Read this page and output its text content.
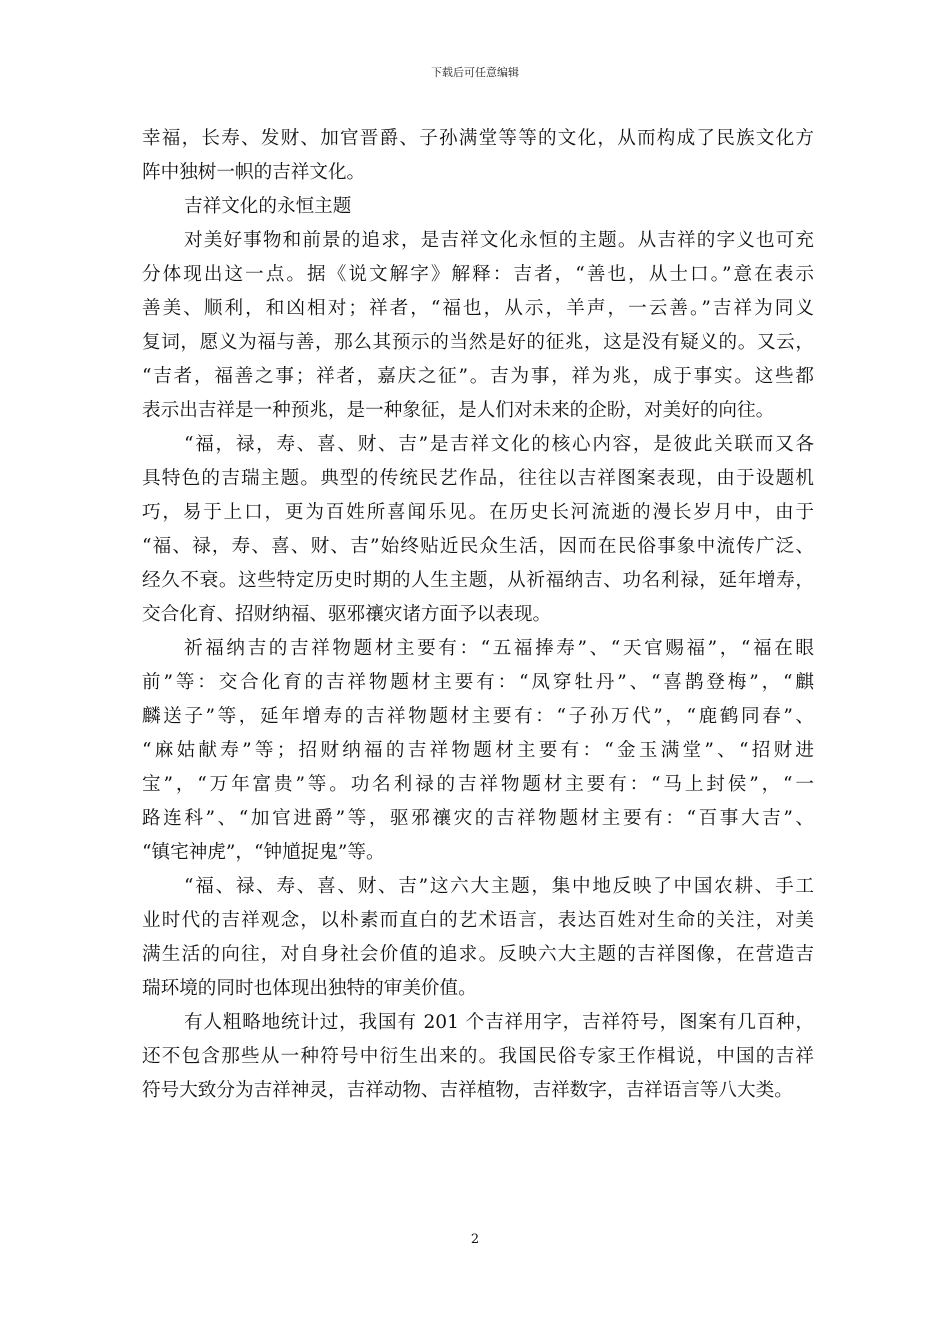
下载后可任意编辑
幸福，长寿、发财、加官晋爵、子孙满堂等等的文化，从而构成了民族文化方
阵中独树一帜的吉祥文化。
吉祥文化的永恒主题
对美好事物和前景的追求，是吉祥文化永恒的主题。从吉祥的字义也可充
分体现出这一点。据《说文解字》解释：吉者，“善也，从士口。”意在表示
善美、顺利，和凶相对；祥者，“福也，从示，羊声，一云善。”吉祥为同义
复词，愿义为福与善，那么其预示的当然是好的征兆，这是没有疑义的。又云，
“吉者，福善之事；祥者，嘉庆之征”。吉为事，祥为兆，成于事实。这些都
表示出吉祥是一种预兆，是一种象征，是人们对未来的企盼，对美好的向往。
“福，禄，寿、喜、财、吉”是吉祥文化的核心内容，是彼此关联而又各
具特色的吉瑞主题。典型的传统民艺作品，往往以吉祥图案表现，由于设题机
巧，易于上口，更为百姓所喜闻乐见。在历史长河流逝的漫长岁月中，由于
“福、禄，寿、喜、财、吉”始终贴近民众生活，因而在民俗事象中流传广泛、
经久不衰。这些特定历史时期的人生主题，从祈福纳吉、功名利禄，延年增寿，
交合化育、招财纳福、驱邪禳灾诸方面予以表现。
祈福纳吉的吉祥物题材主要有：“五福捧寿”、“天官赐福”，“福在眼
前”等：交合化育的吉祥物题材主要有：“凤穿牡丹”、“喜鹊登梅”，“麒
麟送子”等，延年增寿的吉祥物题材主要有：“子孙万代”，“鹿鹤同春”、
“麻姑献寿”等；招财纳福的吉祥物题材主要有：“金玉满堂”、“招财进
宝”，“万年富贵”等。功名利禄的吉祥物题材主要有：“马上封侯”，“一
路连科”、“加官进爵”等，驱邪禳灾的吉祥物题材主要有：“百事大吉”、
“镇宅神虎”，“钟馗捉鬼”等。
“福、禄、寿、喜、财、吉”这六大主题，集中地反映了中国农耕、手工
业时代的吉祥观念，以朴素而直白的艺术语言，表达百姓对生命的关注，对美
满生活的向往，对自身社会价值的追求。反映六大主题的吉祥图像，在营造吉
瑞环境的同时也体现出独特的审美价值。
有人粗略地统计过，我国有 201 个吉祥用字，吉祥符号，图案有几百种，
还不包含那些从一种符号中衍生出来的。我国民俗专家王作楫说，中国的吉祥
符号大致分为吉祥神灵，吉祥动物、吉祥植物，吉祥数字，吉祥语言等八大类。
2
